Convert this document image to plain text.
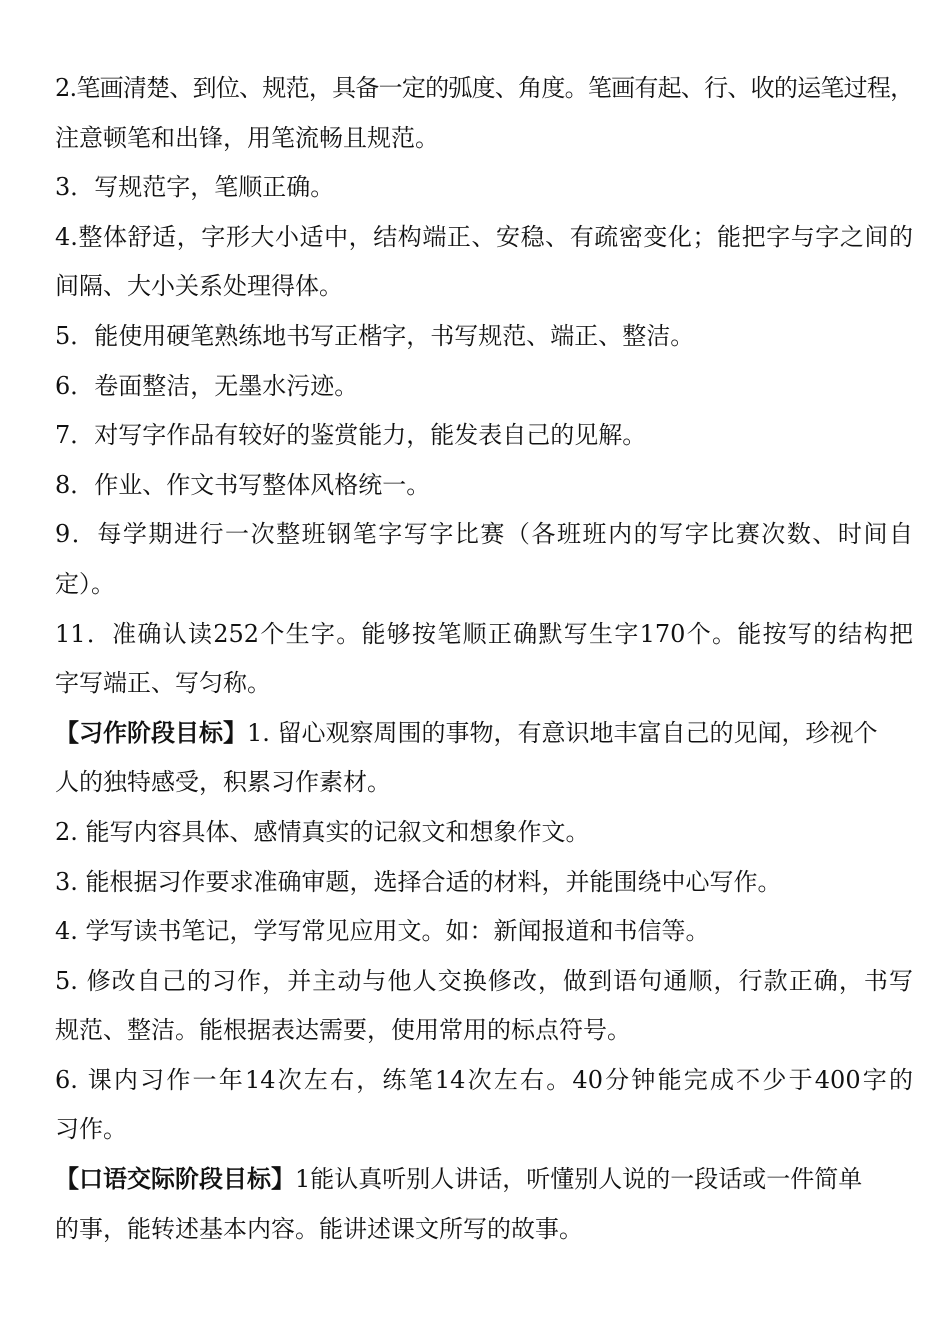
2.笔画清楚、到位、规范，具备一定的弧度、角度。笔画有起、行、收的运笔过程，
注意顿笔和出锋，用笔流畅且规范。
3．写规范字，笔顺正确。
4.整体舒适，字形大小适中，结构端正、安稳、有疏密变化；能把字与字之间的
间隔、大小关系处理得体。
5．能使用硬笔熟练地书写正楷字，书写规范、端正、整洁。
6．卷面整洁，无墨水污迹。
7．对写字作品有较好的鉴赏能力，能发表自己的见解。
8．作业、作文书写整体风格统一。
9．每学期进行一次整班钢笔字写字比赛（各班班内的写字比赛次数、时间自
定）。
11．准确认读252个生字。能够按笔顺正确默写生字170个。能按写的结构把
字写端正、写匀称。
【习作阶段目标】1. 留心观察周围的事物，有意识地丰富自己的见闻，珍视个
人的独特感受，积累习作素材。
2. 能写内容具体、感情真实的记叙文和想象作文。
3. 能根据习作要求准确审题，选择合适的材料，并能围绕中心写作。
4. 学写读书笔记，学写常见应用文。如：新闻报道和书信等。
5. 修改自己的习作，并主动与他人交换修改，做到语句通顺，行款正确，书写
规范、整洁。能根据表达需要，使用常用的标点符号。
6. 课内习作一年14次左右，练笔14次左右。40分钟能完成不少于400字的
习作。
【口语交际阶段目标】1能认真听别人讲话，听懂别人说的一段话或一件简单
的事，能转述基本内容。能讲述课文所写的故事。
